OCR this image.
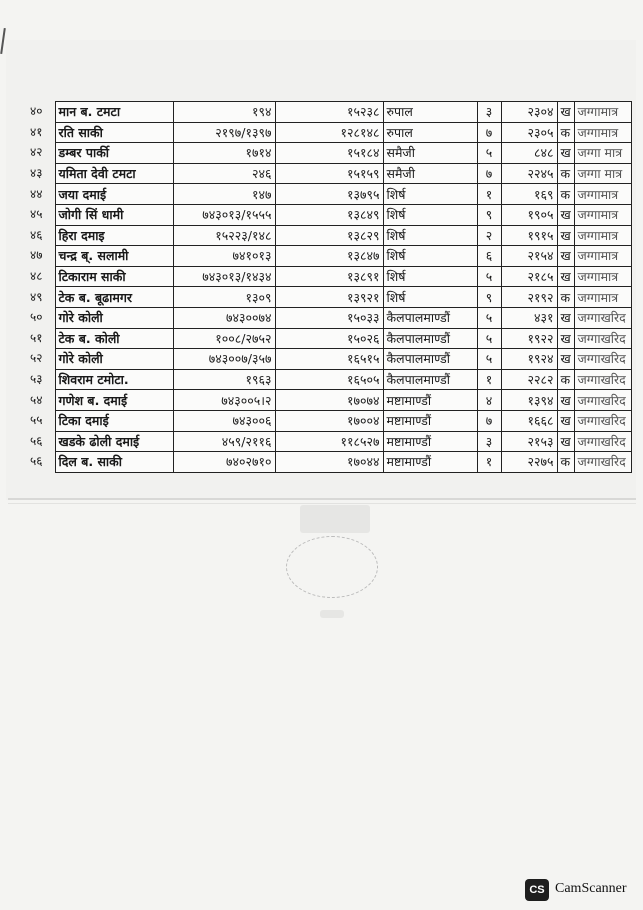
४०	मान ब. टमटा	१९४	१५२३८	रुपाल	३	२३०४	ख	जग्गामात्र
४१	रति साकी	२१९७/१३९७	१२८१४८	रुपाल	७	२३०५	क	जग्गामात्र
४२	डम्बर पार्की	१७१४	१५१८४	समैजी	५	८४८	ख	जग्गा मात्र
४३	यमिता देवी टमटा	२४६	१५१५९	समैजी	७	२२४५	क	जग्गा मात्र
४४	जया दमाई	१४७	१३७९५	शिर्ष	१	१६९	क	जग्गामात्र
४५	जोगी सिं धामी	७४३०१३/१५५५	१३८४९	शिर्ष	९	१९०५	ख	जग्गामात्र
४६	हिरा दमाइ	१५२२३/१४८	१३८२९	शिर्ष	२	१९१५	ख	जग्गामात्र
४७	चन्द्र ब्. सलामी	७४१०१३	१३८४७	शिर्ष	६	२१५४	ख	जग्गामात्र
४८	टिकाराम साकी	७४३०१३/१४३४	१३८९१	शिर्ष	५	२१८५	ख	जग्गामात्र
४९	टेक ब. बूढामगर	१३०९	१३९२१	शिर्ष	९	२१९२	क	जग्गामात्र
५०	गोरे कोली	७४३००७४	१५०३३	कैलपालमाण्डौं	५	४३१	ख	जग्गाखरिद
५१	टेक ब. कोली	१००८/२७५२	१५०२६	कैलपालमाण्डौं	५	१९२२	ख	जग्गाखरिद
५२	गोरे कोली	७४३००७/३५७	१६५१५	कैलपालमाण्डौं	५	१९२४	ख	जग्गाखरिद
५३	शिवराम टमोटा.	१९६३	१६५०५	कैलपालमाण्डौं	१	२२८२	क	जग्गाखरिद
५४	गणेश ब. दमाई	७४३००५।२	१७०७४	मष्टामाण्डौं	४	१३९४	ख	जग्गाखरिद
५५	टिका दमाई	७४३००६	१७००४	मष्टामाण्डौं	७	१६६८	ख	जग्गाखरिद
५६	खडके ढोली दमाई	४५९/२११६	११८५२७	मष्टामाण्डौं	३	२१५३	ख	जग्गाखरिद
५६	दिल ब. साकी	७४०२७१०	१७०४४	मष्टामाण्डौं	१	२२७५	क	जग्गाखरिद
CS CamScanner
